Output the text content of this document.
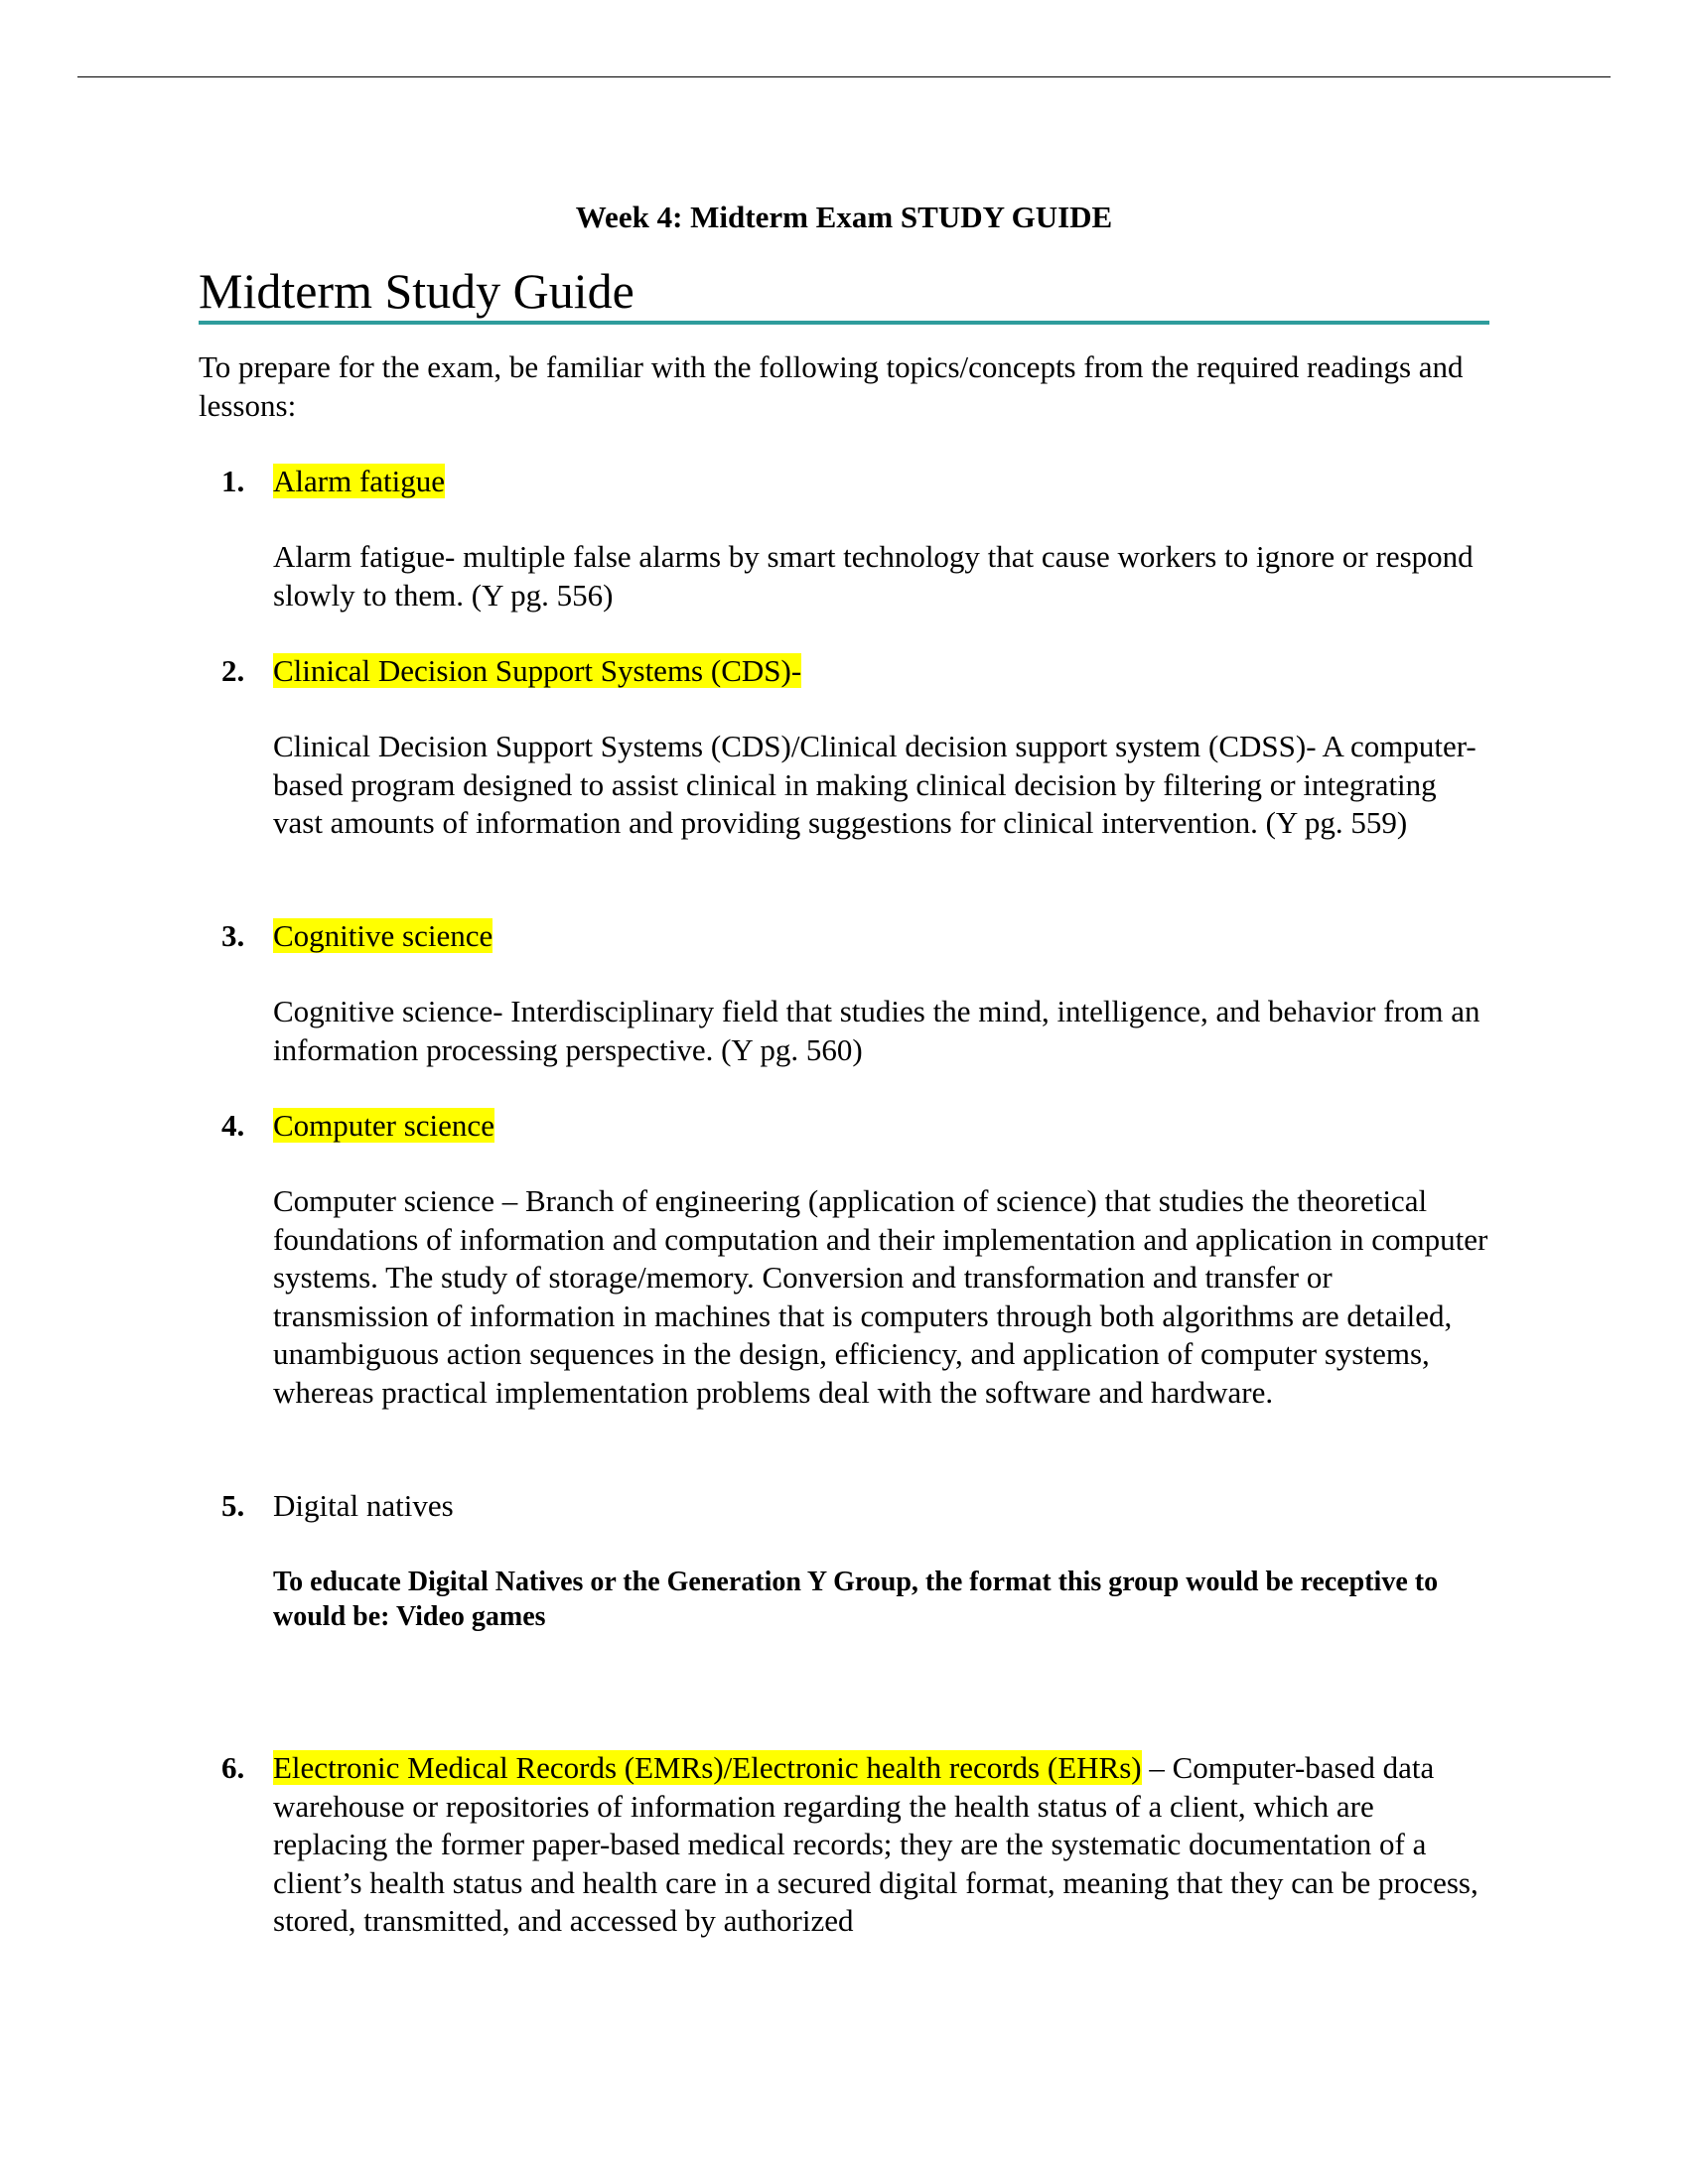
Week 4: Midterm Exam STUDY GUIDE
Midterm Study Guide

To prepare for the exam, be familiar with the following topics/concepts from the required readings and lessons:

1. Alarm fatigue

Alarm fatigue- multiple false alarms by smart technology that cause workers to ignore or respond slowly to them. (Y pg. 556)

2. Clinical Decision Support Systems (CDS)-

Clinical Decision Support Systems (CDS)/Clinical decision support system (CDSS)- A computer-based program designed to assist clinical in making clinical decision by filtering or integrating vast amounts of information and providing suggestions for clinical intervention. (Y pg. 559)

3. Cognitive science

Cognitive science- Interdisciplinary field that studies the mind, intelligence, and behavior from an information processing perspective. (Y pg. 560)

4. Computer science

Computer science – Branch of engineering (application of science) that studies the theoretical foundations of information and computation and their implementation and application in computer systems. The study of storage/memory. Conversion and transformation and transfer or transmission of information in machines that is computers through both algorithms are detailed, unambiguous action sequences in the design, efficiency, and application of computer systems, whereas practical implementation problems deal with the software and hardware.

5. Digital natives

To educate Digital Natives or the Generation Y Group, the format this group would be receptive to would be: Video games

6. Electronic Medical Records (EMRs)/Electronic health records (EHRs) – Computer-based data warehouse or repositories of information regarding the health status of a client, which are replacing the former paper-based medical records; they are the systematic documentation of a client’s health status and health care in a secured digital format, meaning that they can be process, stored, transmitted, and accessed by authorized
